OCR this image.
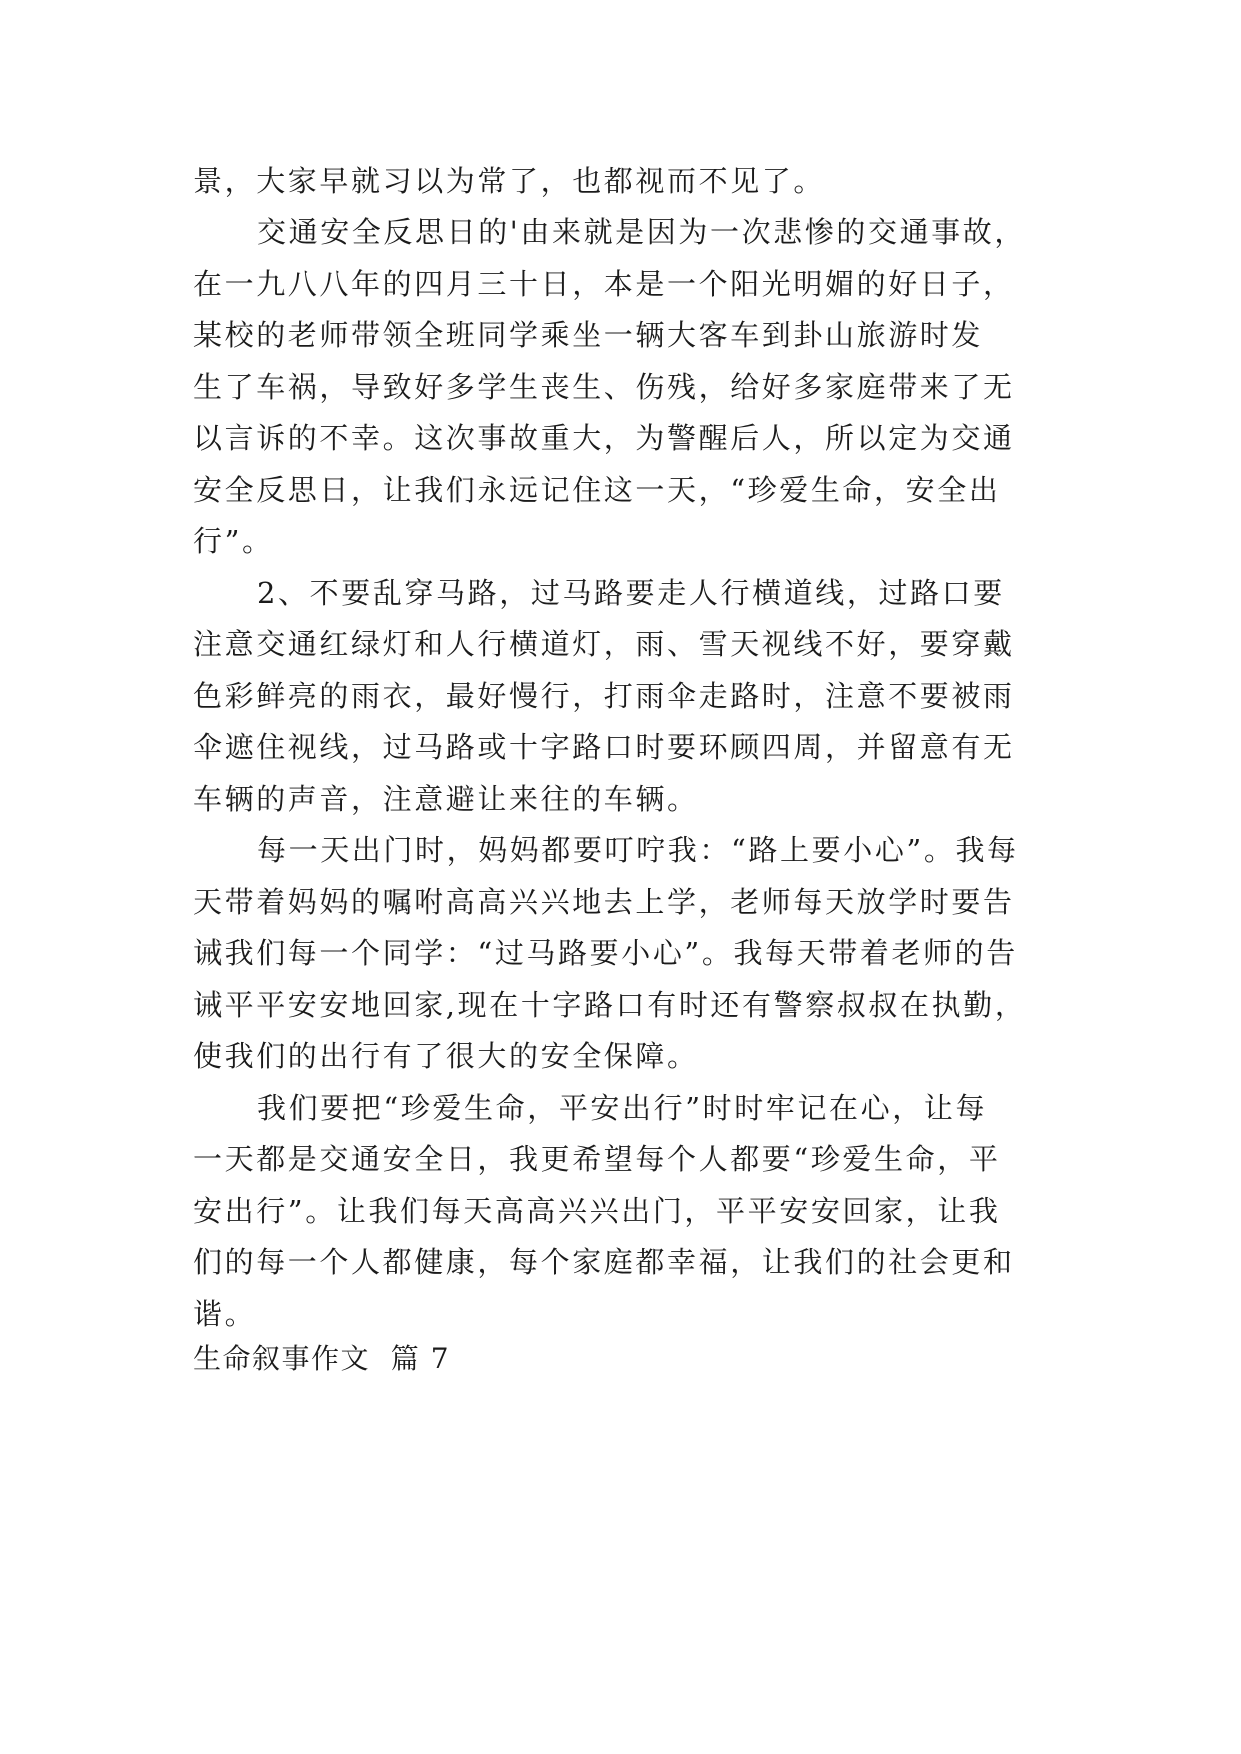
景，大家早就习以为常了，也都视而不见了。
交通安全反思日的'由来就是因为一次悲惨的交通事故，
在一九八八年的四月三十日，本是一个阳光明媚的好日子，
某校的老师带领全班同学乘坐一辆大客车到卦山旅游时发
生了车祸，导致好多学生丧生、伤残，给好多家庭带来了无
以言诉的不幸。这次事故重大，为警醒后人，所以定为交通
安全反思日，让我们永远记住这一天，“珍爱生命，安全出
行”。
2、不要乱穿马路，过马路要走人行横道线，过路口要
注意交通红绿灯和人行横道灯，雨、雪天视线不好，要穿戴
色彩鲜亮的雨衣，最好慢行，打雨伞走路时，注意不要被雨
伞遮住视线，过马路或十字路口时要环顾四周，并留意有无
车辆的声音，注意避让来往的车辆。
每一天出门时，妈妈都要叮咛我：“路上要小心”。我每
天带着妈妈的嘱咐高高兴兴地去上学，老师每天放学时要告
诫我们每一个同学：“过马路要小心”。我每天带着老师的告
诫平平安安地回家,现在十字路口有时还有警察叔叔在执勤，
使我们的出行有了很大的安全保障。
我们要把“珍爱生命，平安出行”时时牢记在心，让每
一天都是交通安全日，我更希望每个人都要“珍爱生命，平
安出行”。让我们每天高高兴兴出门，平平安安回家，让我
们的每一个人都健康，每个家庭都幸福，让我们的社会更和
谐。
生命叙事作文  篇 7
